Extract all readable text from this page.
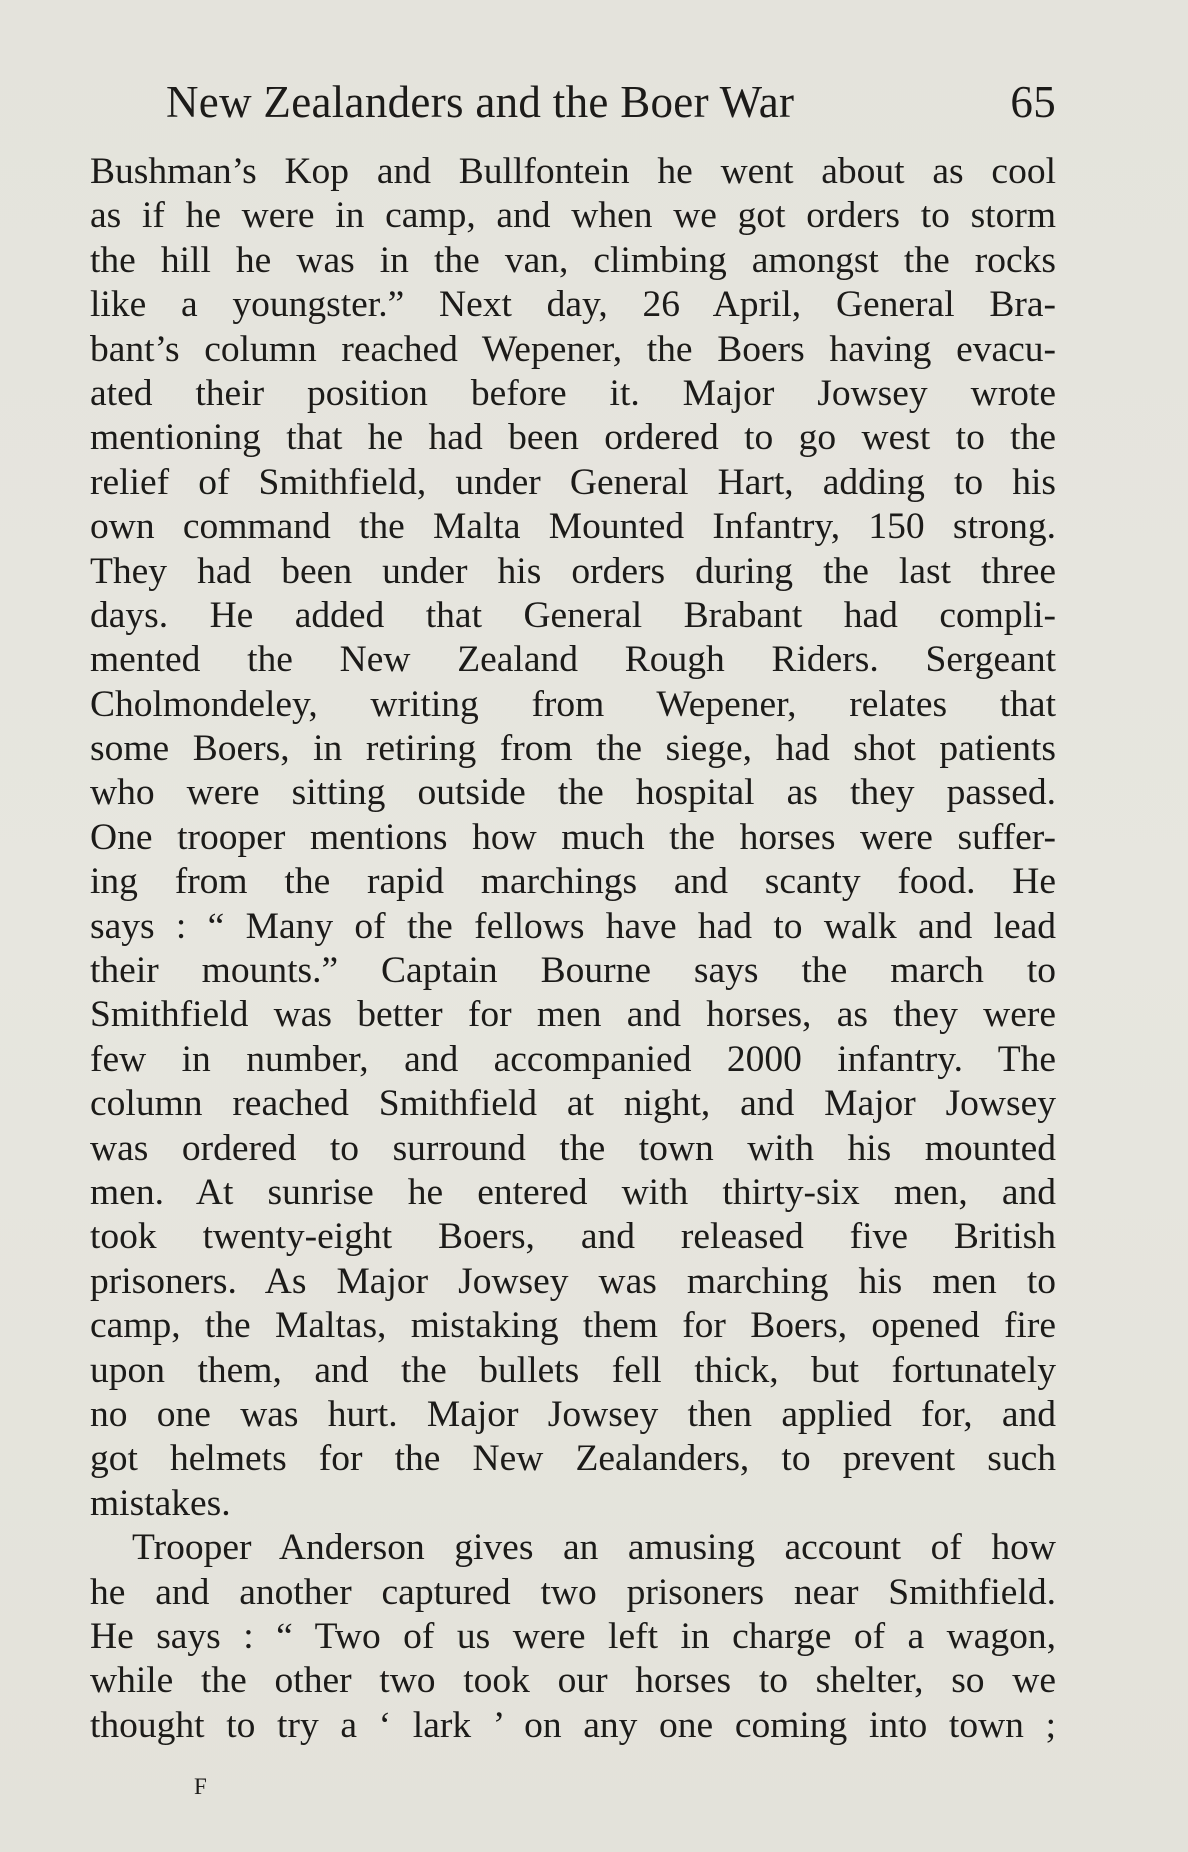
New Zealanders and the Boer War	65
Bushman’s Kop and Bullfontein he went about as cool
as if he were in camp, and when we got orders to storm
the hill he was in the van, climbing amongst the rocks
like a youngster.” Next day, 26 April, General Bra-
bant’s column reached Wepener, the Boers having evacu-
ated their position before it. Major Jowsey wrote
mentioning that he had been ordered to go west to the
relief of Smithfield, under General Hart, adding to his
own command the Malta Mounted Infantry, 150 strong.
They had been under his orders during the last three
days. He added that General Brabant had compli-
mented the New Zealand Rough Riders. Sergeant
Cholmondeley, writing from Wepener, relates that
some Boers, in retiring from the siege, had shot patients
who were sitting outside the hospital as they passed.
One trooper mentions how much the horses were suffer-
ing from the rapid marchings and scanty food. He
says : “ Many of the fellows have had to walk and lead
their mounts.” Captain Bourne says the march to
Smithfield was better for men and horses, as they were
few in number, and accompanied 2000 infantry. The
column reached Smithfield at night, and Major Jowsey
was ordered to surround the town with his mounted
men. At sunrise he entered with thirty-six men, and
took twenty-eight Boers, and released five British
prisoners. As Major Jowsey was marching his men to
camp, the Maltas, mistaking them for Boers, opened fire
upon them, and the bullets fell thick, but fortunately
no one was hurt. Major Jowsey then applied for, and
got helmets for the New Zealanders, to prevent such
mistakes.
Trooper Anderson gives an amusing account of how
he and another captured two prisoners near Smithfield.
He says : “ Two of us were left in charge of a wagon,
while the other two took our horses to shelter, so we
thought to try a ‘ lark ’ on any one coming into town ;
F
